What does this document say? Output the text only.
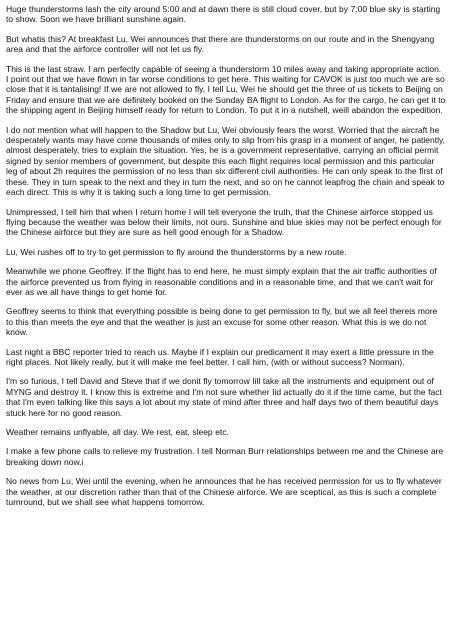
Huge thunderstorms lash the city around 5:00 and at dawn there is still cloud cover, but by 7:00 blue sky is starting to show. Soon we have brilliant sunshine again.

But whatis this? At breakfast Lu, Wei announces that there are thunderstorms on our route and in the Shengyang area and that the airforce controller will not let us fly.

This is the last straw. I am perfectly capable of seeing a thunderstorm 10 miles away and taking appropriate action. I point out that we have flown in far worse conditions to get here. This waiting for CAVOK is just too much we are so close that it is tantalising! If we are not allowed to fly, I tell Lu, Wei he should get the three of us tickets to Beijing on Friday and ensure that we are definitely booked on the Sunday BA flight to London. As for the cargo, he can get it to the shipping agent in Beijing himself ready for return to London. To put it in a nutshell, weill abandon the expedition.

I do not mention what will happen to the Shadow but Lu, Wei obviously fears the worst. Worried that the aircraft he desperately wants may have come thousands of miles only to slip from his grasp in a moment of anger, he patiently, almost desperately, tries to explain the situation. Yes, he is a government representative, carrying an official permit signed by senior members of government, but despite this each flight requires local permission and this particular leg of about 2h requires the permission of no less than six different civil authorities. He can only speak to the first of these. They in turn speak to the next and they in turn the next, and so on he cannot leapfrog the chain and speak to each direct. This is why it is taking such a long time to get permission.

Unimpressed, I tell him that when I return home I will tell everyone the truth, that the Chinese airforce stopped us flying because the weather was below their limits, not ours. Sunshine and blue skies may not be perfect enough for the Chinese airforce but they are sure as hell good enough for a Shadow.

Lu, Wei rushes off to try to get permission to fly around the thunderstorms by a new route.

Meanwhile we phone Geoffrey. If the flight has to end here, he must simply explain that the air traffic authorities of the airforce prevented us from flying in reasonable conditions and in a reasonable time, and that we can't wait for ever as we all have things to get home for.

Geoffrey seems to think that everything possible is being done to get permission to fly, but we all feel thereis more to this than meets the eye and that the weather is just an excuse for some other reason. What this is we do not know.

Last night a BBC reporter tried to reach us. Maybe if I explain our predicament it may exert a little pressure in the right places. Not likely really, but it will make me feel better. I call him, (with or without success? Norman).

I'm so furious, I tell David and Steve that if we donit fly tomorrow Iill take all the instruments and equipment out of MYNG and destroy it. I know this is extreme and I'm not sure whether Iid actually do it if the time came, but the fact that I'm even talking like this says a lot about my state of mind after three and half days two of them beautiful days stuck here for no good reason.

Weather remains unflyable, all day. We rest, eat, sleep etc.

I make a few phone calls to relieve my frustration. I tell Norman Burr relationships between me and the Chinese are breaking down now.i

No news from Lu, Wei until the evening, when he announces that he has received permission for us to fly whatever the weather, at our discretion rather than that of the Chinese airforce. We are sceptical, as this is such a complete turnround, but we shall see what happens tomorrow.
